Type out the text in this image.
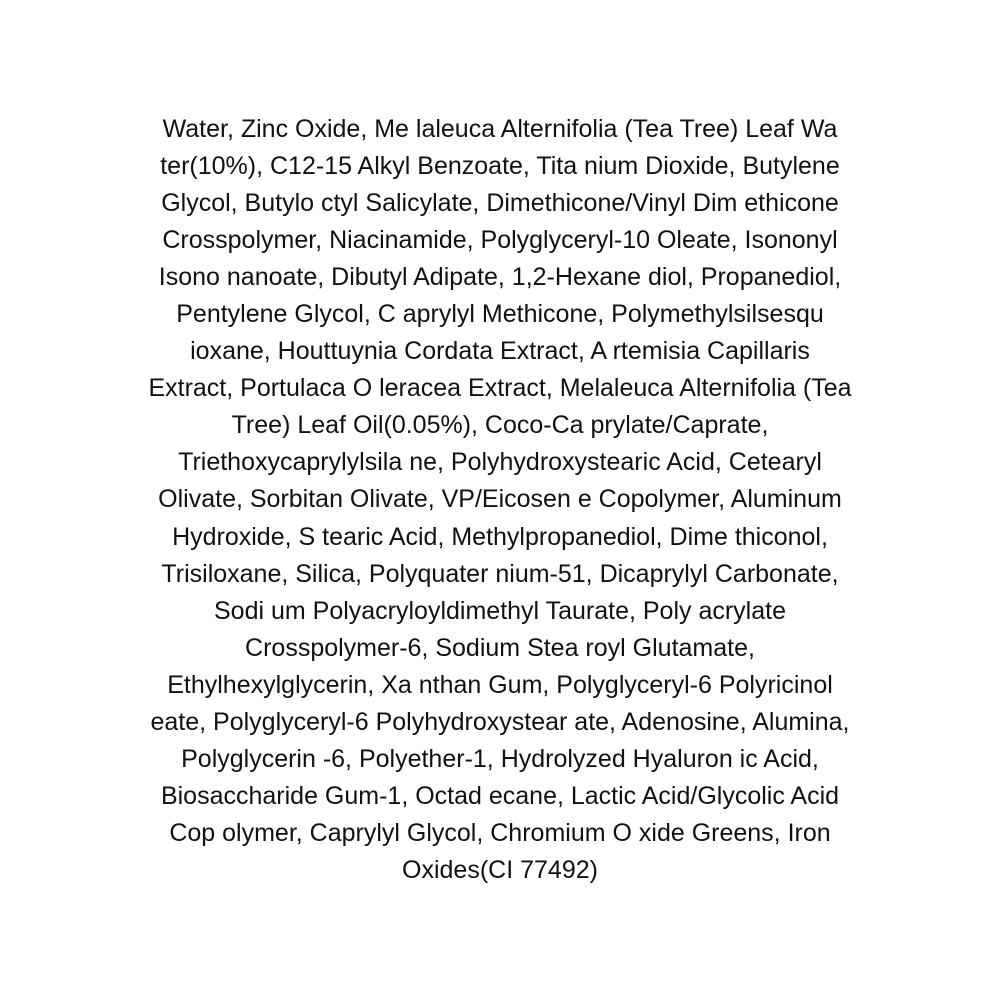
Water, Zinc Oxide, Me laleuca Alternifolia (Tea Tree) Leaf Wa
ter(10%), C12-15 Alkyl Benzoate, Tita nium Dioxide, Butylene
Glycol, Butylo ctyl Salicylate, Dimethicone/Vinyl Dim ethicone
Crosspolymer, Niacinamide, Polyglyceryl-10 Oleate, Isononyl
Isono nanoate, Dibutyl Adipate, 1,2-Hexane diol, Propanediol,
Pentylene Glycol, C aprylyl Methicone, Polymethylsilsesqu
ioxane, Houttuynia Cordata Extract, A rtemisia Capillaris
Extract, Portulaca O leracea Extract, Melaleuca Alternifolia (Tea
Tree) Leaf Oil(0.05%), Coco-Ca prylate/Caprate,
Triethoxycaprylylsila ne, Polyhydroxystearic Acid, Cetearyl
Olivate, Sorbitan Olivate, VP/Eicosen e Copolymer, Aluminum
Hydroxide, S tearic Acid, Methylpropanediol, Dime thiconol,
Trisiloxane, Silica, Polyquater nium-51, Dicaprylyl Carbonate,
Sodi um Polyacryloyldimethyl Taurate, Poly acrylate
Crosspolymer-6, Sodium Stea royl Glutamate,
Ethylhexylglycerin, Xa nthan Gum, Polyglyceryl-6 Polyricinol
eate, Polyglyceryl-6 Polyhydroxystear ate, Adenosine, Alumina,
Polyglycerin -6, Polyether-1, Hydrolyzed Hyaluron ic Acid,
Biosaccharide Gum-1, Octad ecane, Lactic Acid/Glycolic Acid
Cop olymer, Caprylyl Glycol, Chromium O xide Greens, Iron
Oxides(CI 77492)
